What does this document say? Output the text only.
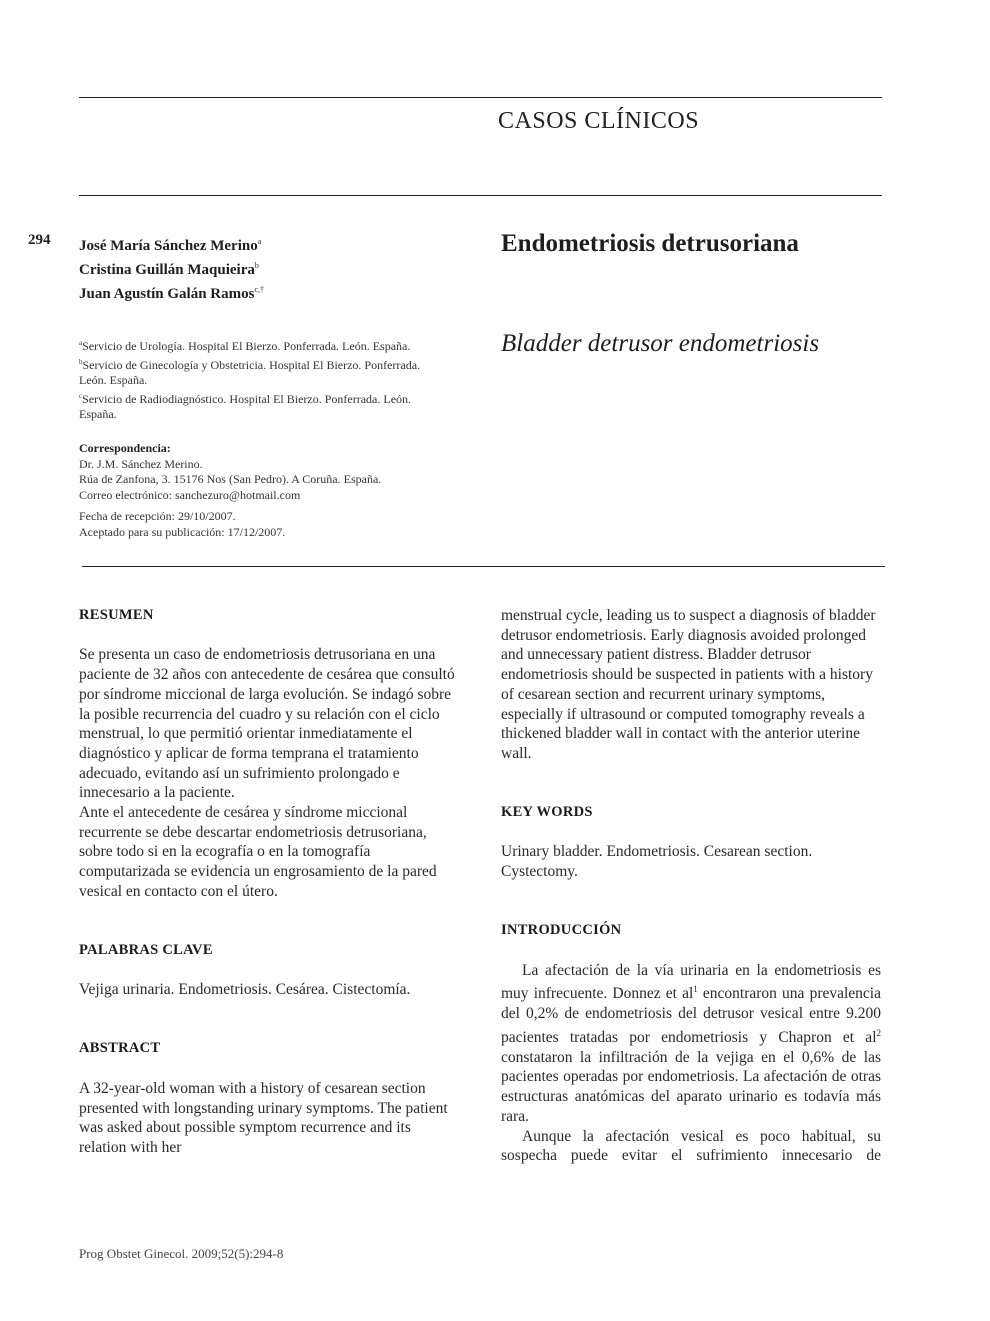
CASOS CLÍNICOS
294 José María Sánchez Merino$^a$
Cristina Guillán Maquieira$^b$
Juan Agustín Galán Ramos$^{c,\dagger}$
Endometriosis detrusoriana
Bladder detrusor endometriosis
$^a$Servicio de Urología. Hospital El Bierzo. Ponferrada. León. España.
$^b$Servicio de Ginecología y Obstetricia. Hospital El Bierzo. Ponferrada. León. España.
$^c$Servicio de Radiodiagnóstico. Hospital El Bierzo. Ponferrada. León. España.
Correspondencia:
Dr. J.M. Sánchez Merino.
Rúa de Zanfona, 3. 15176 Nos (San Pedro). A Coruña. España.
Correo electrónico: sanchezuro@hotmail.com
Fecha de recepción: 29/10/2007.
Aceptado para su publicación: 17/12/2007.
RESUMEN
Se presenta un caso de endometriosis detrusoriana en una paciente de 32 años con antecedente de cesárea que consultó por síndrome miccional de larga evolución. Se indagó sobre la posible recurrencia del cuadro y su relación con el ciclo menstrual, lo que permitió orientar inmediatamente el diagnóstico y aplicar de forma temprana el tratamiento adecuado, evitando así un sufrimiento prolongado e innecesario a la paciente.
Ante el antecedente de cesárea y síndrome miccional recurrente se debe descartar endometriosis detrusoriana, sobre todo si en la ecografía o en la tomografía computarizada se evidencia un engrosamiento de la pared vesical en contacto con el útero.
PALABRAS CLAVE
Vejiga urinaria. Endometriosis. Cesárea. Cistectomía.
ABSTRACT
A 32-year-old woman with a history of cesarean section presented with longstanding urinary symptoms. The patient was asked about possible symptom recurrence and its relation with her
menstrual cycle, leading us to suspect a diagnosis of bladder detrusor endometriosis. Early diagnosis avoided prolonged and unnecessary patient distress. Bladder detrusor endometriosis should be suspected in patients with a history of cesarean section and recurrent urinary symptoms, especially if ultrasound or computed tomography reveals a thickened bladder wall in contact with the anterior uterine wall.
KEY WORDS
Urinary bladder. Endometriosis. Cesarean section. Cystectomy.
INTRODUCCIÓN
La afectación de la vía urinaria en la endometriosis es muy infrecuente. Donnez et $al^1$ encontraron una prevalencia del 0,2% de endometriosis del detrusor vesical entre 9.200 pacientes tratadas por endometriosis y Chapron et $al^2$ constataron la infiltración de la vejiga en el 0,6% de las pacientes operadas por endometriosis. La afectación de otras estructuras anatómicas del aparato urinario es todavía más rara.
Aunque la afectación vesical es poco habitual, su sospecha puede evitar el sufrimiento innecesario de
Prog Obstet Ginecol. 2009;52(5):294-8
